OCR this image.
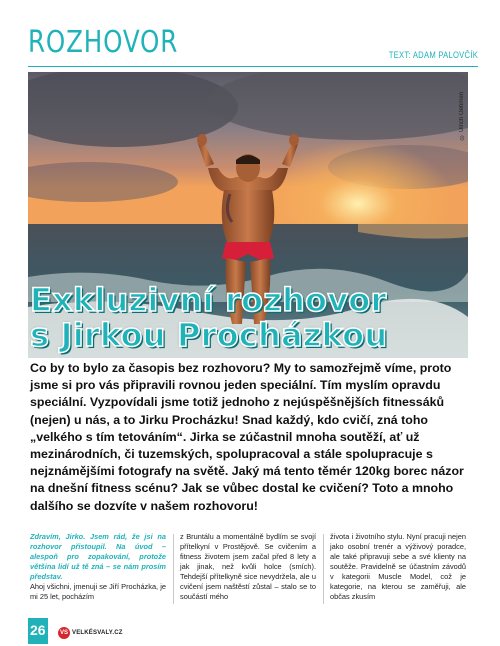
ROZHOVOR	TEXT: ADAM PALOVČÍK
© Ulrich Oehmen
Exkluzivní rozhovor
s Jirkou Procházkou

Co by to bylo za časopis bez rozhovoru? My to samozřejmě víme, proto jsme si pro vás připravili rovnou jeden speciální. Tím myslím opravdu speciální. Vyzpovídali jsme totiž jednoho z nejúspěšnějších fitnessáků (nejen) u nás, a to Jirku Procházku! Snad každý, kdo cvičí, zná toho „velkého s tím tetováním“. Jirka se zúčastnil mnoha soutěží, ať už mezinárodních, či tuzemských, spolupracoval a stále spolupracuje s nejznámějšími fotografy na světě. Jaký má tento těmér 120kg borec názor na dnešní fitness scénu? Jak se vůbec dostal ke cvičení? Toto a mnoho dalšího se dozvíte v našem rozhovoru!

Zdravím, Jirko. Jsem rád, že jsi na rozhovor přistoupil. Na úvod – alespoň pro zopakování, protože většina lidí už tě zná – se nám prosím představ.

Ahoj všichni, jmenuji se Jiří Procházka, je mi 25 let, pocházím

z Bruntálu a momentálně bydlím se svojí přítelkyní v Prostějově. Se cvičením a fitness životem jsem začal před 8 lety a jak jinak, než kvůli holce (smích). Tehdejší přítelkyně sice nevydržela, ale u cvičení jsem naštěstí zůstal – stalo se to součástí mého

života i životního stylu. Nyní pracuji nejen jako osobní trenér a výživový poradce, ale také připravuji sebe a své klienty na soutěže. Pravidelně se účastním závodů v kategorii Muscle Model, což je kategorie, na kterou se zaměřuji, ale občas zkusím

26	VS VELKÉSVALY.CZ
